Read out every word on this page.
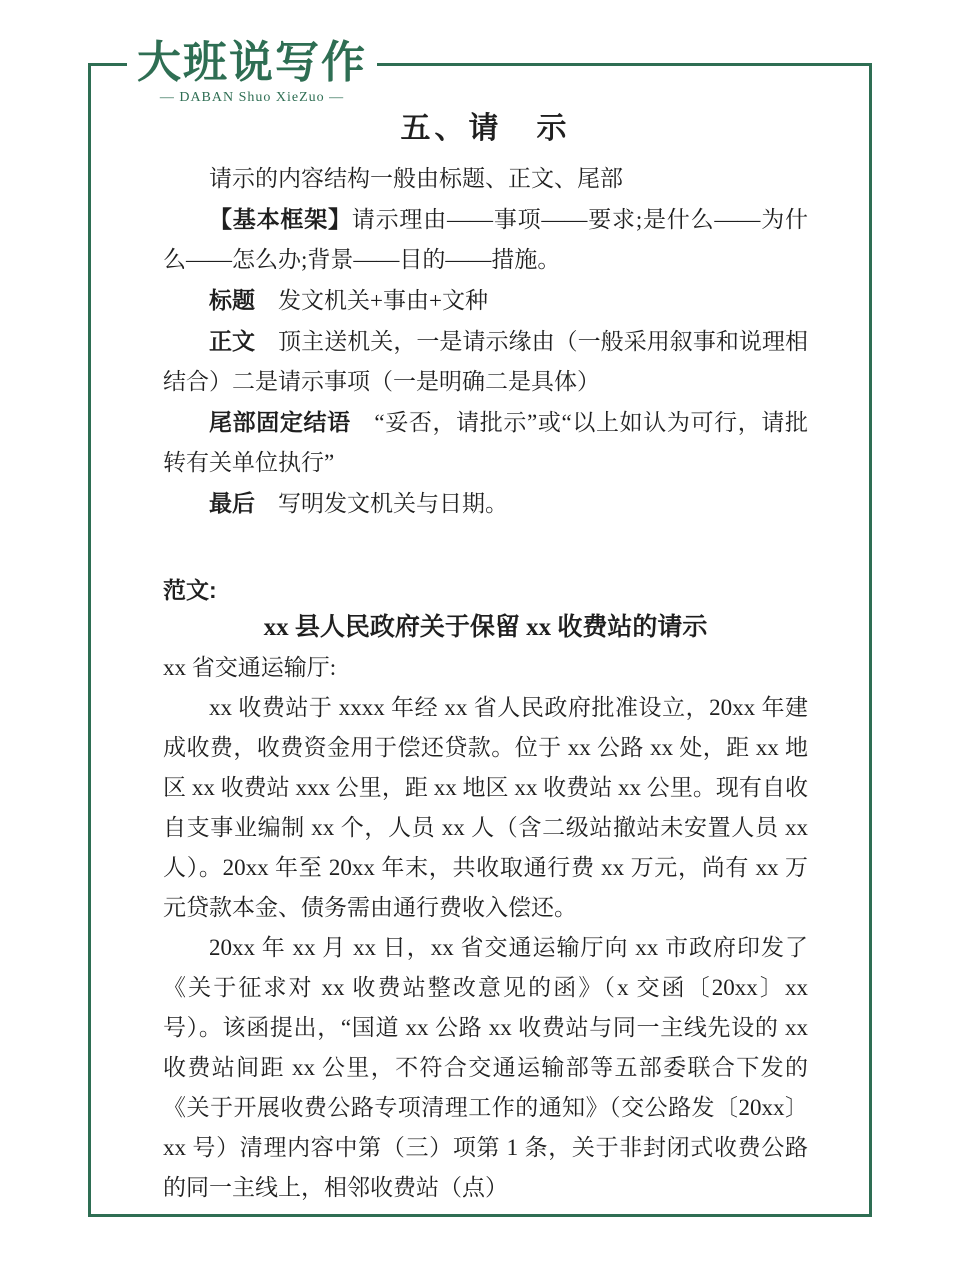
大班说写作
— DABAN Shuo XieZuo —
五、请　示

请示的内容结构一般由标题、正文、尾部

【基本框架】请示理由——事项——要求;是什么——为什么——怎么办;背景——目的——措施。

标题　发文机关+事由+文种

正文　顶主送机关，一是请示缘由（一般采用叙事和说理相结合）二是请示事项（一是明确二是具体）

尾部固定结语　“妥否，请批示”或“以上如认为可行，请批转有关单位执行”

最后　写明发文机关与日期。

范文:

xx 县人民政府关于保留 xx 收费站的请示

xx 省交通运输厅:

xx 收费站于 xxxx 年经 xx 省人民政府批准设立，20xx 年建成收费，收费资金用于偿还贷款。位于 xx 公路 xx 处，距 xx 地区 xx 收费站 xxx 公里，距 xx 地区 xx 收费站 xx 公里。现有自收自支事业编制 xx 个，人员 xx 人（含二级站撤站未安置人员 xx 人）。20xx 年至 20xx 年末，共收取通行费 xx 万元，尚有 xx 万元贷款本金、债务需由通行费收入偿还。

20xx 年 xx 月 xx 日，xx 省交通运输厅向 xx 市政府印发了《关于征求对 xx 收费站整改意见的函》（x 交函〔20xx〕xx 号）。该函提出，“国道 xx 公路 xx 收费站与同一主线先设的 xx 收费站间距 xx 公里，不符合交通运输部等五部委联合下发的《关于开展收费公路专项清理工作的通知》（交公路发〔20xx〕xx 号）清理内容中第（三）项第 1 条，关于非封闭式收费公路的同一主线上，相邻收费站（点）
